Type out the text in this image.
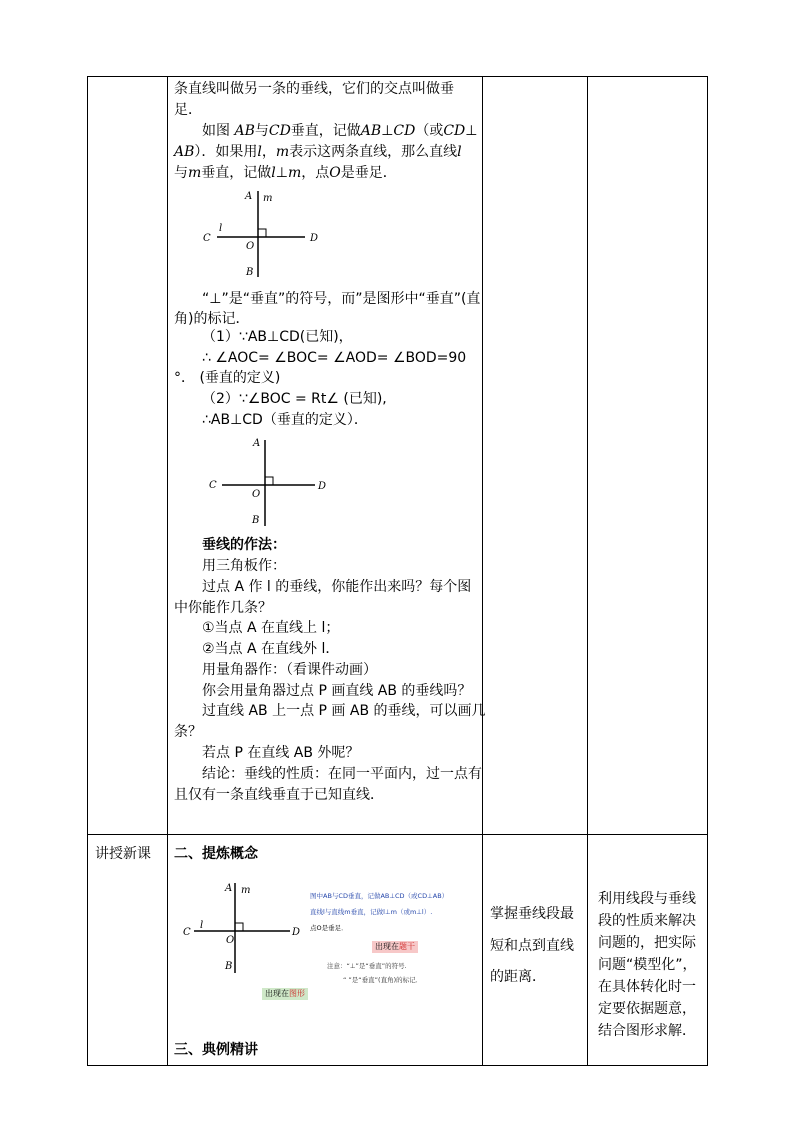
条直线叫做另一条的垂线，它们的交点叫做垂
足．
如图 AB与CD垂直，记做AB⊥CD（或CD⊥
AB）．如果用l，m表示这两条直线，那么直线l
与m垂直，记做l⊥m，点O是垂足．
A m
l
C
O
D
B
“⊥”是“垂直”的符号，而”是图形中“垂直”(直
角)的标记．
（1）∵AB⊥CD(已知)，
∴ ∠AOC= ∠BOC= ∠AOD= ∠BOD=90
°． (垂直的定义)
（2）∵∠BOC = Rt∠ (已知),
∴AB⊥CD（垂直的定义）．
A
C
O
D
B
垂线的作法：
用三角板作：
过点 A 作 l 的垂线，你能作出来吗？每个图
中你能作几条？
①当点 A 在直线上 l；
②当点 A 在直线外 l．
用量角器作：（看课件动画）
你会用量角器过点 P 画直线 AB 的垂线吗？
过直线 AB 上一点 P 画 AB 的垂线，可以画几
条？
若点 P 在直线 AB 外呢？
结论：垂线的性质：在同一平面内，过一点有
且仅有一条直线垂直于已知直线．
讲授新课 二、提炼概念
A m
l
C
O
D
B
图中AB与CD垂直，记做AB⊥CD（或CD⊥AB）
直线l与直线m垂直，记做l⊥m（或m⊥l）.
点O是垂足．
出现在题干
注意：“⊥”是“垂直”的符号.
“ ”是“垂直”(直角)的标记．
出现在图形
三、典例精讲
掌握垂线段最
短和点到直线
的距离．
利用线段与垂线
段的性质来解决
问题的，把实际
问题“模型化”，
在具体转化时一
定要依据题意，
结合图形求解．
